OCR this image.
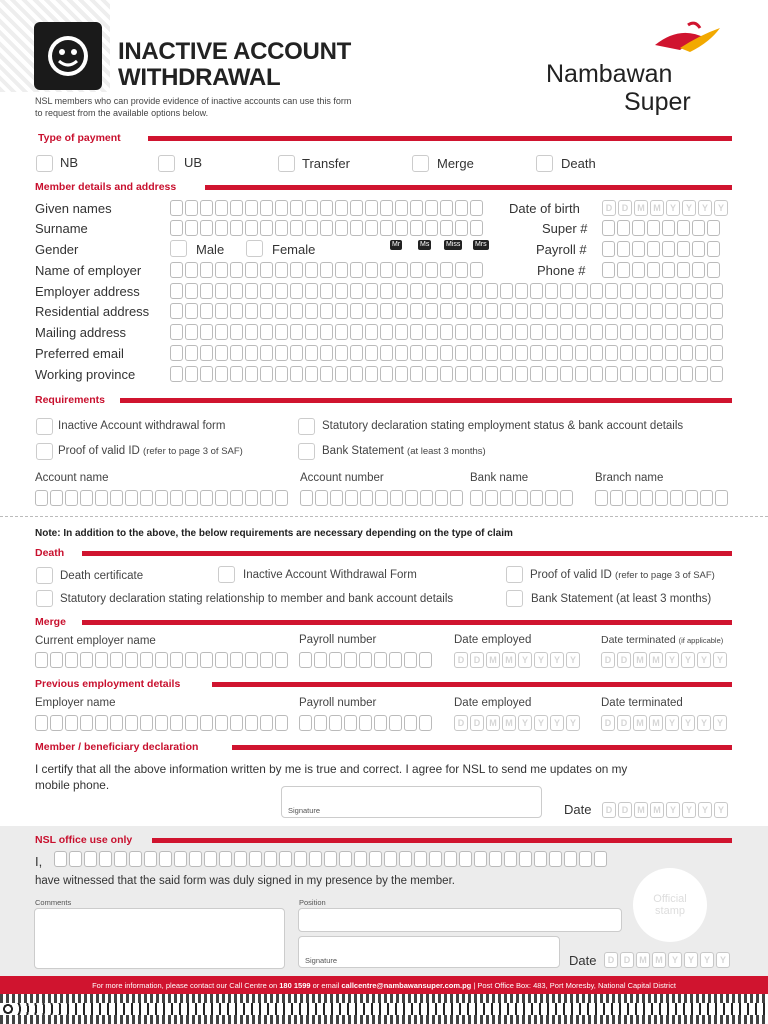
INACTIVE ACCOUNT
WITHDRAWAL
NSL members who can provide evidence of inactive accounts can use this form
to request from the available options below.
Nambawan
Super
Type of payment
NB	UB	Transfer	Merge	Death
Member details and address
Given names
Surname
Gender
Name of employer
Employer address
Residential address
Mailing address
Preferred email
Working province
Male	Female	Mr	Ms Miss Mrs
Date of birth	D	D	M M	Y	Y	Y	Y
Super #
Payroll #
Phone #
Requirements
Inactive Account withdrawal form
Proof of valid ID (refer to page 3 of SAF)
Statutory declaration stating employment status & bank account details
Bank Statement (at least 3 months)
Account name	Account number	Bank name	Branch name
Note: In addition to the above, the below requirements are necessary depending on the type of claim
Death
Death certificate	Inactive Account Withdrawal Form	Proof of valid ID (refer to page 3 of SAF)
Statutory declaration stating relationship to member and bank account details	Bank Statement (at least 3 months)
Merge
Current employer name	Payroll number	Date employed	Date terminated (if applicable)
D	D	M M	Y	Y	Y	Y	D	D	M M	Y	Y	Y	Y
Previous employment details
Employer name	Payroll number	Date employed	Date terminated
D	D	M M	Y	Y	Y	Y	D	D	M M	Y	Y	Y	Y
Member / beneficiary declaration
I certify that all the above information written by me is true and correct. I agree for NSL to send me updates on my
mobile phone.
Signature	Date	D	D	M M	Y	Y	Y	Y
NSL office use only
I,
have witnessed that the said form was duly signed in my presence by the member.
Comments	Position
Signature
Official
stamp
Date	D	D	M M	Y	Y	Y	Y
For more information, please contact our Call Centre on 180 1599 or email callcentre@nambawansuper.com.pg | Post Office Box: 483, Port Moresby, National Capital District
